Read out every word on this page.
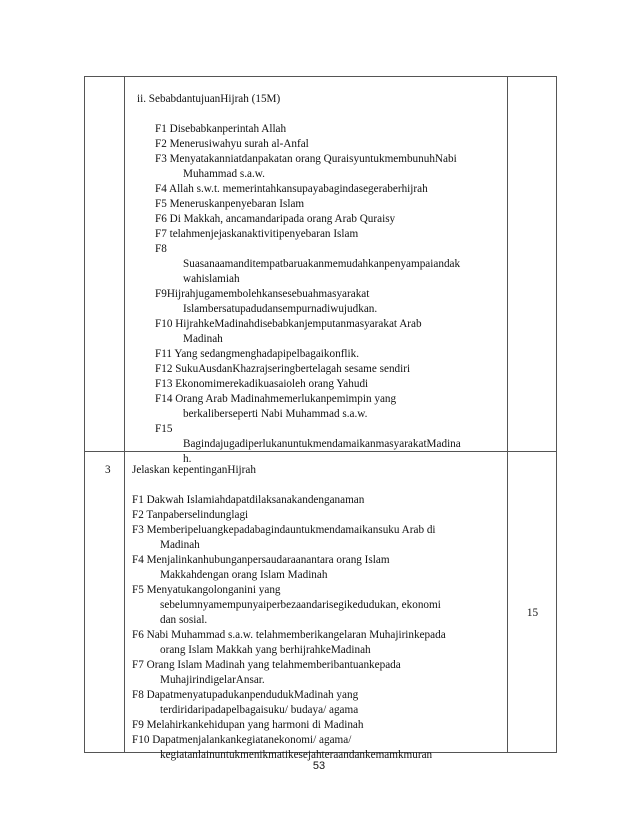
ii. SebabdantujuanHijrah (15M)
F1 Disebabkanperintah Allah
F2 Menerusiwahyu surah al-Anfal
F3 Menyatakanniatdanpakatan orang QuraisyuntukmembunuhNabi
Muhammad s.a.w.
F4 Allah s.w.t. memerintahkansupayabagindasegeraberhijrah
F5 Meneruskanpenyebaran Islam
F6 Di Makkah, ancamandaripada orang Arab Quraisy
F7 telahmenjejaskanaktivitipenyebaran Islam
F8
Suasanaamanditempatbaruakanmemudahkanpenyampaiandak
wahislamiah
F9Hijrahjugamembolehkansesebuahmasyarakat
Islambersatupadudansempurnadiwujudkan.
F10 HijrahkeMadinahdisebabkanjemputanmasyarakat Arab
Madinah
F11 Yang sedangmenghadapipelbagaikonflik.
F12 SukuAusdanKhazrajseringbertelagah sesame sendiri
F13 Ekonomimerekadikuasaioleh orang Yahudi
F14 Orang Arab Madinahmemerlukanpemimpin yang
berkaliberseperti Nabi Muhammad s.a.w.
F15
BagindajugadiperlukanuntukmendamaikanmasyarakatMadina
h.
3 Jelaskan kepentinganHijrah
F1 Dakwah Islamiahdapatdilaksanakandenganaman
F2 Tanpaberselindunglagi
F3 Memberipeluangkepadabagindauntukmendamaikansuku Arab di
Madinah
F4 Menjalinkanhubunganpersaudaraanantara orang Islam
Makkahdengan orang Islam Madinah
F5 Menyatukangolonganini yang
sebelumnyamempunyaiperbezaandarisegikedudukan, ekonomi
dan sosial.
F6 Nabi Muhammad s.a.w. telahmemberikangelaran Muhajirinkepada
orang Islam Makkah yang berhijrahkeMadinah
F7 Orang Islam Madinah yang telahmemberibantuankepada
MuhajirindigelarAnsar.
F8 DapatmenyatupadukanpendudukMadinah yang
terdiridaripadapelbagaisuku/ budaya/ agama
F9 Melahirkankehidupan yang harmoni di Madinah
F10 Dapatmenjalankankegiatanekonomi/ agama/
kegiatanlainuntukmenikmatikesejahteraandankemamkmuran
15
53
